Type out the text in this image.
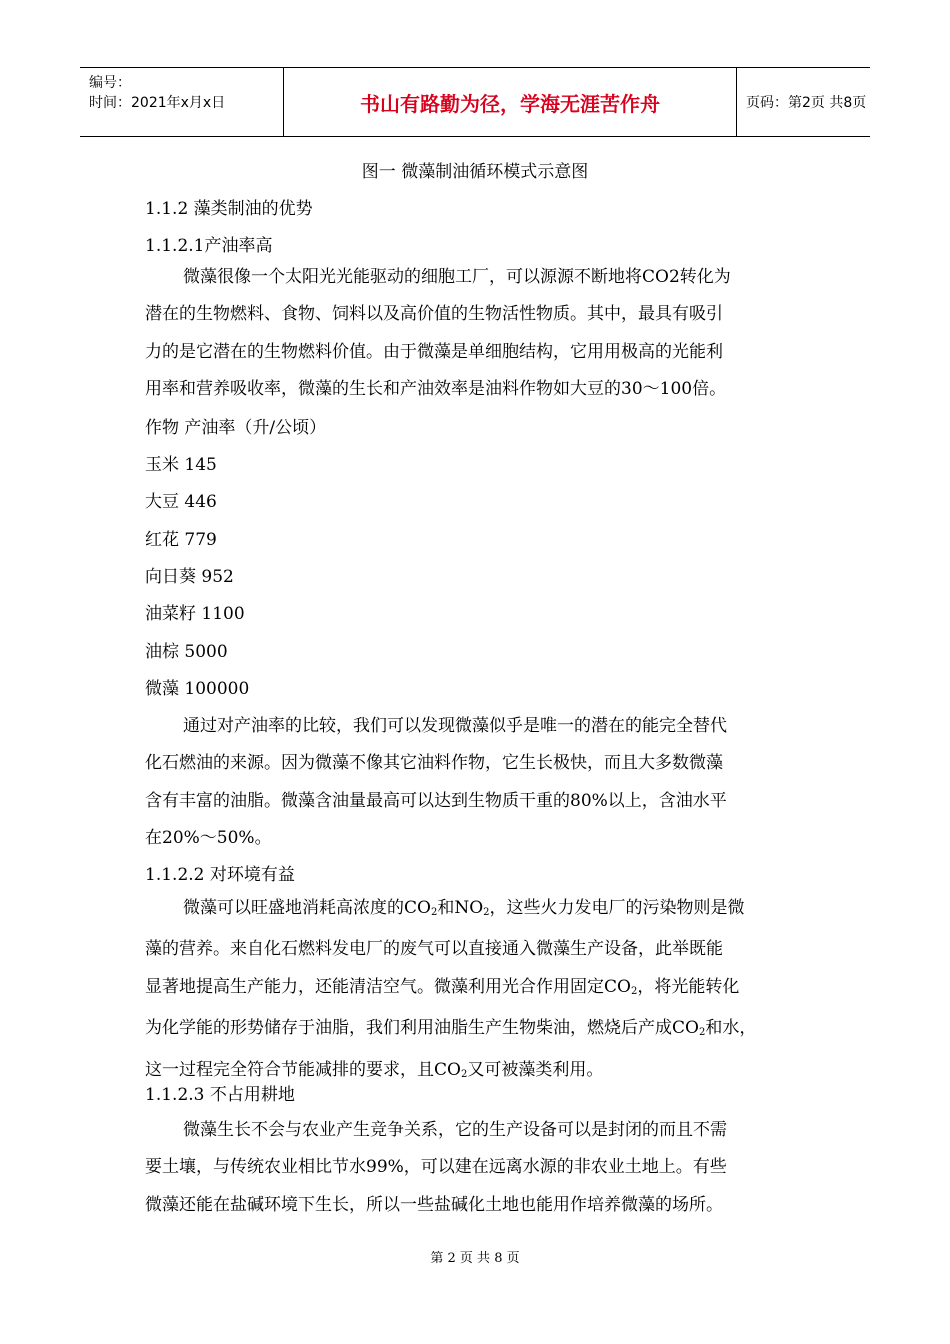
编号：
时间：2021年x月x日	书山有路勤为径，学海无涯苦作舟	页码：第2页 共8页
图一 微藻制油循环模式示意图
1.1.2 藻类制油的优势
1.1.2.1产油率高
微藻很像一个太阳光光能驱动的细胞工厂，可以源源不断地将CO2转化为
潜在的生物燃料、食物、饲料以及高价值的生物活性物质。其中，最具有吸引
力的是它潜在的生物燃料价值。由于微藻是单细胞结构，它用用极高的光能利
用率和营养吸收率，微藻的生长和产油效率是油料作物如大豆的30～100倍。
作物 产油率（升/公顷）
玉米 145
大豆 446
红花 779
向日葵 952
油菜籽 1100
油棕 5000
微藻 100000
通过对产油率的比较，我们可以发现微藻似乎是唯一的潜在的能完全替代
化石燃油的来源。因为微藻不像其它油料作物，它生长极快，而且大多数微藻
含有丰富的油脂。微藻含油量最高可以达到生物质干重的80%以上，含油水平
在20%～50%。
1.1.2.2 对环境有益
微藻可以旺盛地消耗高浓度的$CO_2$和$NO_2$，这些火力发电厂的污染物则是微
藻的营养。来自化石燃料发电厂的废气可以直接通入微藻生产设备，此举既能
显著地提高生产能力，还能清洁空气。微藻利用光合作用固定$CO_2$，将光能转化
为化学能的形势储存于油脂，我们利用油脂生产生物柴油，燃烧后产成$CO_2$和水，
这一过程完全符合节能减排的要求，且$CO_2$又可被藻类利用。
1.1.2.3 不占用耕地
微藻生长不会与农业产生竞争关系，它的生产设备可以是封闭的而且不需
要土壤，与传统农业相比节水99%，可以建在远离水源的非农业土地上。有些
微藻还能在盐碱环境下生长，所以一些盐碱化土地也能用作培养微藻的场所。
第 2 页 共 8 页
